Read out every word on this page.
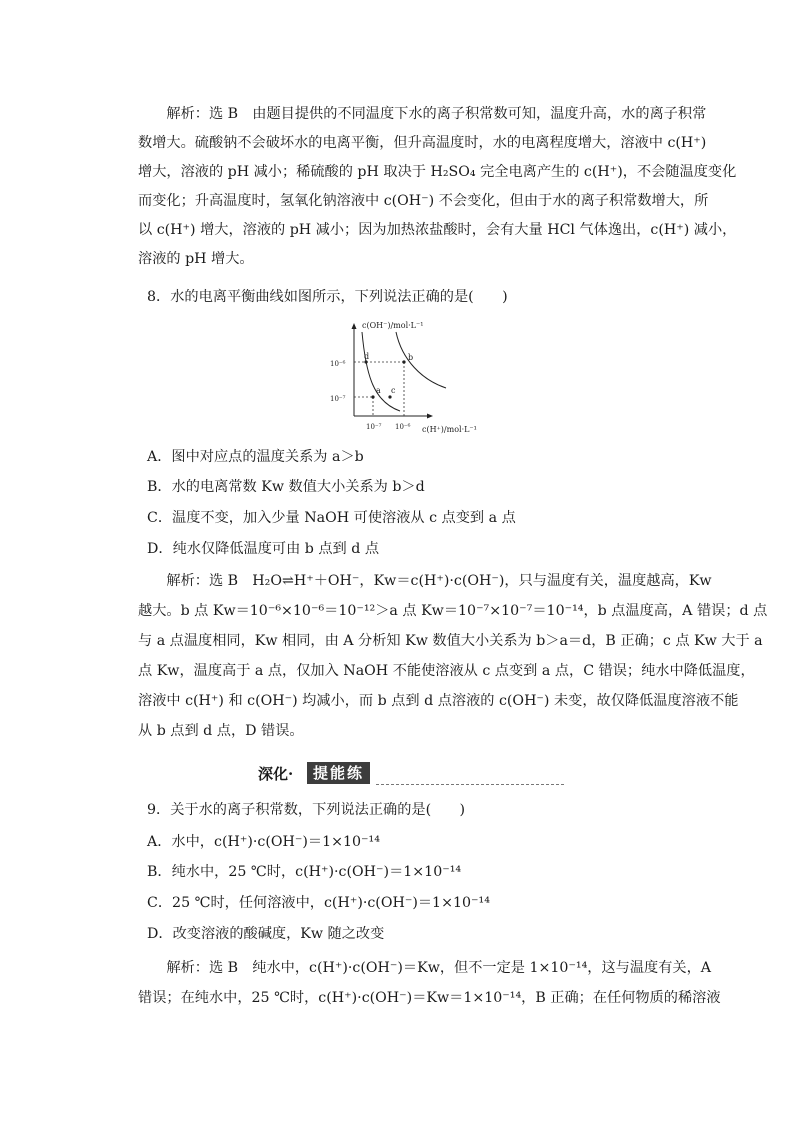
解析：选 B　由题目提供的不同温度下水的离子积常数可知，温度升高，水的离子积常

数增大。硫酸钠不会破坏水的电离平衡，但升高温度时，水的电离程度增大，溶液中 c(H⁺)

增大，溶液的 pH 减小；稀硫酸的 pH 取决于 H₂SO₄ 完全电离产生的 c(H⁺)，不会随温度变化

而变化；升高温度时，氢氧化钠溶液中 c(OH⁻) 不会变化，但由于水的离子积常数增大，所

以 c(H⁺) 增大，溶液的 pH 减小；因为加热浓盐酸时，会有大量 HCl 气体逸出，c(H⁺) 减小，

溶液的 pH 增大。

8．水的电离平衡曲线如图所示，下列说法正确的是(　　)

c(OH⁻)/mol·L⁻¹
c(H⁺)/mol·L⁻¹
10⁻⁶
10⁻⁷
10⁻⁷ 10⁻⁶
a
b
c
d

A．图中对应点的温度关系为 a＞b

B．水的电离常数 Kw 数值大小关系为 b＞d

C．温度不变，加入少量 NaOH 可使溶液从 c 点变到 a 点

D．纯水仅降低温度可由 b 点到 d 点

解析：选 B　H₂O⇌H⁺＋OH⁻，Kw＝c(H⁺)·c(OH⁻)，只与温度有关，温度越高，Kw

越大。b 点 Kw＝10⁻⁶×10⁻⁶＝10⁻¹²＞a 点 Kw＝10⁻⁷×10⁻⁷＝10⁻¹⁴，b 点温度高，A 错误；d 点

与 a 点温度相同，Kw 相同，由 A 分析知 Kw 数值大小关系为 b＞a＝d，B 正确；c 点 Kw 大于 a

点 Kw，温度高于 a 点，仅加入 NaOH 不能使溶液从 c 点变到 a 点，C 错误；纯水中降低温度，

溶液中 c(H⁺) 和 c(OH⁻) 均减小，而 b 点到 d 点溶液的 c(OH⁻) 未变，故仅降低温度溶液不能

从 b 点到 d 点，D 错误。

深化·	提能练

9．关于水的离子积常数，下列说法正确的是(　　)

A．水中，c(H⁺)·c(OH⁻)＝1×10⁻¹⁴

B．纯水中，25 ℃时，c(H⁺)·c(OH⁻)＝1×10⁻¹⁴

C．25 ℃时，任何溶液中，c(H⁺)·c(OH⁻)＝1×10⁻¹⁴

D．改变溶液的酸碱度，Kw 随之改变

解析：选 B　纯水中，c(H⁺)·c(OH⁻)＝Kw，但不一定是 1×10⁻¹⁴，这与温度有关，A

错误；在纯水中，25 ℃时，c(H⁺)·c(OH⁻)＝Kw＝1×10⁻¹⁴，B 正确；在任何物质的稀溶液
